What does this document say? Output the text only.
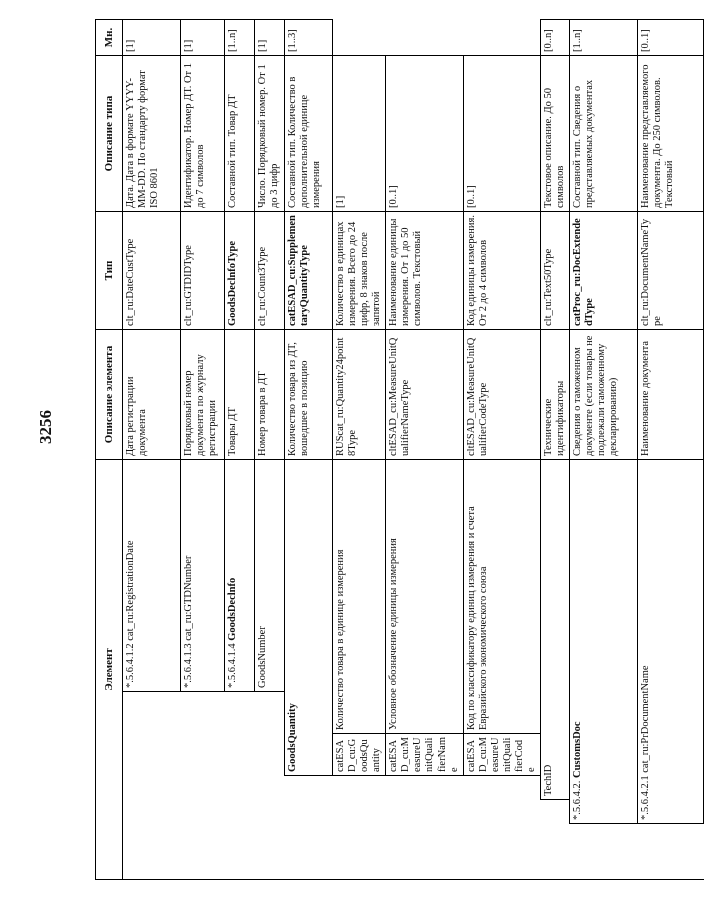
3256
Элемент						Описание элемента	Тип	Описание типа	Мн.
					*.5.6.4.1.2 cat_ru:RegistrationDate	Дата регистрации документа	clt_ru:DateCustType	Дата. Дата в формате YYYY-MM-DD. По стандарту формат ISO 8601	[1]
					*.5.6.4.1.3 cat_ru:GTDNumber	Порядковый номер документа по журналу регистрации	clt_ru:GTDIDType	Идентификатор. Номер ДТ. От 1 до 7 символов	[1]
					*.5.6.4.1.4 GoodsDeclnfo	Товары ДТ	GoodsDeclnfoType	Составной тип. Товар ДТ	[1..n]
					GoodsNumber	Номер товара в ДТ	clt_ru:Count3Type	Число. Порядковый номер. От 1 до 3 цифр	[1]
			GoodsQuantity			Количество товара из ДТ, вошедшее в позицию	catESAD_cu:SupplementaryQuantityType	Составной тип. Количество в дополнительной единице измерения	[1..3]
			catESAD_cu:GoodsQuantity	Количество товара в единице измерения		RUScat_ru:Quantity24point8Type	Количество в единицах измерения. Всего до 24 цифр, 8 знаков после запятой	[1]	
			catESAD_cu:MeasureUnitQualifierName	Условное обозначение единицы измерения		cltESAD_cu:MeasureUnitQualifierNameType	Наименование единицы измерения. От 1 до 50 символов. Текстовый	[0..1]
			catESAD_cu:MeasureUnitQualifierCode	Код по классификатору единиц измерения и счета Евразийского экономического союза		cltESAD_cu:MeasureUnitQualifierCodeType	Код единицы измерения. От 2 до 4 символов	[0..1]
		TechID				Технические идентификаторы	clt_ru:Text50Type	Текстовое описание. До 50 символов	[0..n]
	*.5.6.4.2. CustomsDoc					Сведения о таможенном документе (если товары не подлежали таможенному декларированию)	catProc_ru:DocExtendedType	Составной тип. Сведения о представляемых документах	[1..n]
	*.5.6.4.2.1 cat_ru:PrDocumentName					Наименование документа	clt_ru:DocumentNameType	Наименование представляемого документа. До 250 символов. Текстовый	[0..1]
